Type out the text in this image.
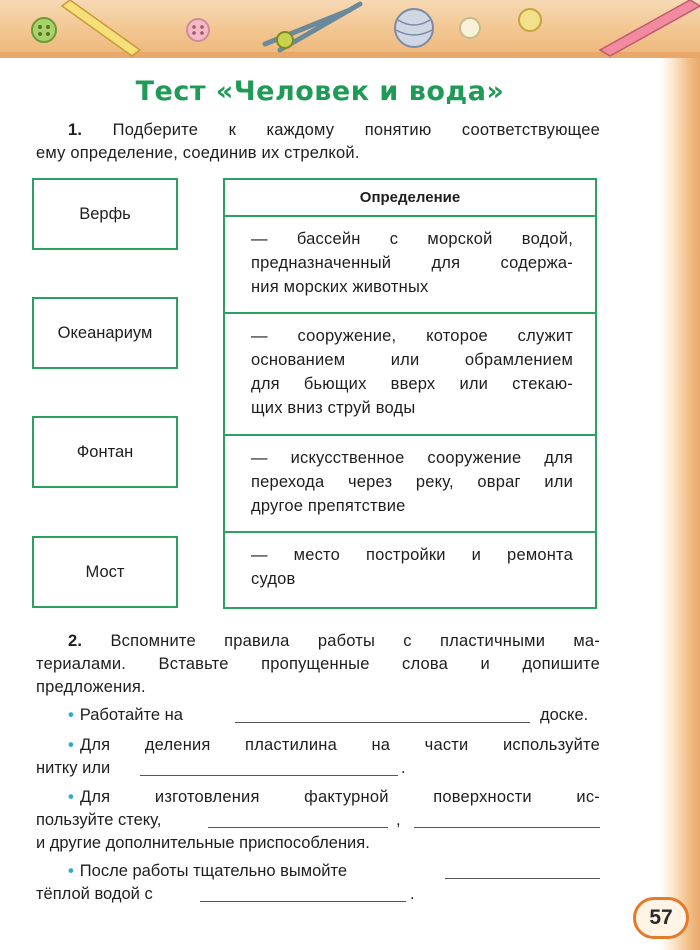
Тест «Человек и вода»
1. Подберите к каждому понятию соответствующее
ему определение, соединив их стрелкой.
Верфь
Океанариум
Фонтан
Мост
Определение
— бассейн с морской водой,
предназначенный для содержа-
ния морских животных
— сооружение, которое служит
основанием или обрамлением
для бьющих вверх или стекаю-
щих вниз струй воды
— искусственное сооружение для
перехода через реку, овраг или
другое препятствие
— место постройки и ремонта
судов
2. Вспомните правила работы с пластичными ма-
териалами. Вставьте пропущенные слова и допишите
предложения.
• Работайте на	доске.
• Для деления пластилина на части используйте
нитку или	.
• Для изготовления фактурной поверхности ис-
пользуйте стеку,	,
и другие дополнительные приспособления.
• После работы тщательно вымойте
тёплой водой с	.
57
